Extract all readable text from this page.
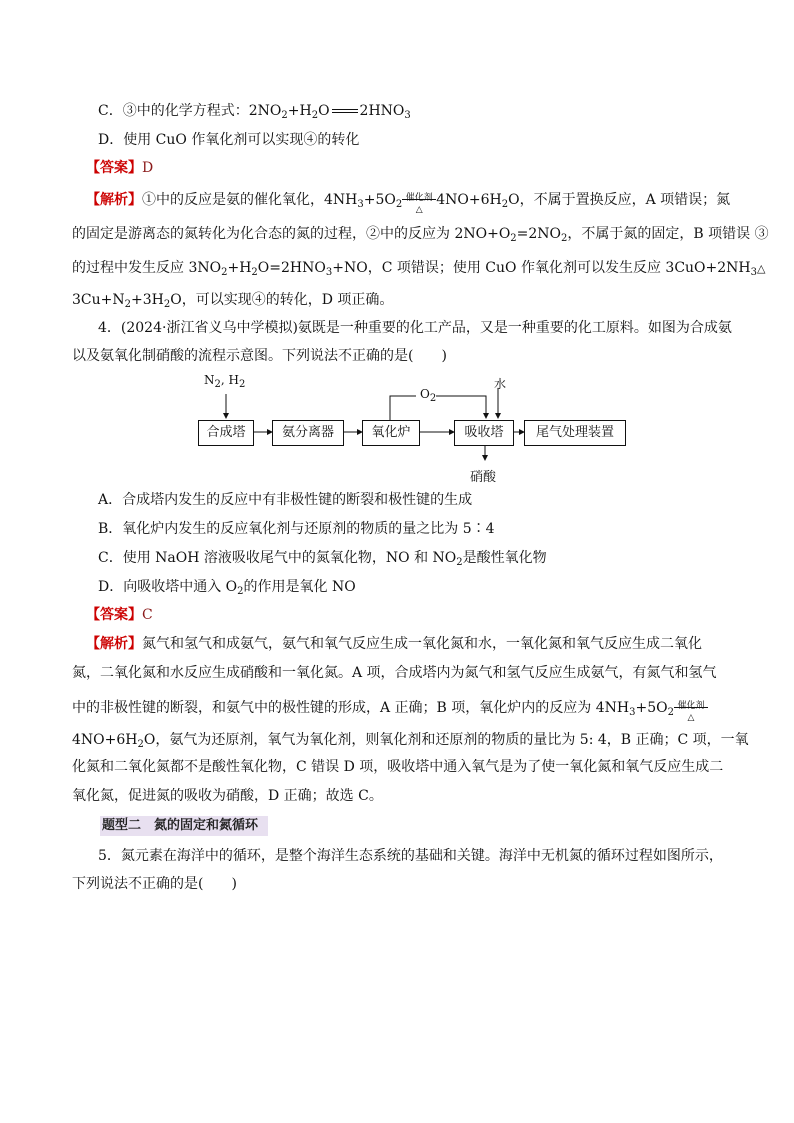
C．③中的化学方程式：$2NO_2+H_2O$ $2HNO_3$
D．使用 CuO 作氧化剂可以实现④的转化
【答案】D
【解析】①中的反应是氨的催化氧化，$4NH_3+5O_2$
催化剂
△
$4NO+6H_2O$，不属于置换反应，A 项错误；氮
的固定是游离态的氮转化为化合态的氮的过程，②中的反应为 $2NO+O_2=2NO_2$，不属于氮的固定，B 项错误 ③
的过程中发生反应 $3NO_2+H_2O=2HNO_3+NO$，C 项错误；使用 CuO 作氧化剂可以发生反应 $3CuO+2NH_3\triangle$
$3Cu+N_2+3H_2O$，可以实现④的转化，D 项正确。
4．(2024·浙江省义乌中学模拟)氨既是一种重要的化工产品，又是一种重要的化工原料。如图为合成氨
以及氨氧化制硝酸的流程示意图。下列说法不正确的是(　　)
$N_2$, $H_2$
$O_2$
水
合成塔	氨分离器	氧化炉	吸收塔	尾气处理装置
硝酸
A．合成塔内发生的反应中有非极性键的断裂和极性键的生成
B．氧化炉内发生的反应氧化剂与还原剂的物质的量之比为 5∶4
C．使用 NaOH 溶液吸收尾气中的氮氧化物，NO 和 $NO_2$是酸性氧化物
D．向吸收塔中通入 $O_2$的作用是氧化 NO
【答案】C
【解析】氮气和氢气和成氨气，氨气和氧气反应生成一氧化氮和水，一氧化氮和氧气反应生成二氧化
氮，二氧化氮和水反应生成硝酸和一氧化氮。A 项，合成塔内为氮气和氢气反应生成氨气，有氮气和氢气
中的非极性键的断裂，和氨气中的极性键的形成，A 正确；B 项，氧化炉内的反应为 $4NH_3+5O_2$
催化剂
△
$4NO+6H_2O$，氨气为还原剂，氧气为氧化剂，则氧化剂和还原剂的物质的量比为 5: 4，B 正确；C 项，一氧
化氮和二氧化氮都不是酸性氧化物，C 错误 D 项，吸收塔中通入氧气是为了使一氧化氮和氧气反应生成二
氧化氮，促进氮的吸收为硝酸，D 正确；故选 C。
题型二　氮的固定和氮循环
5．氮元素在海洋中的循环，是整个海洋生态系统的基础和关键。海洋中无机氮的循环过程如图所示，
下列说法不正确的是(　　)
